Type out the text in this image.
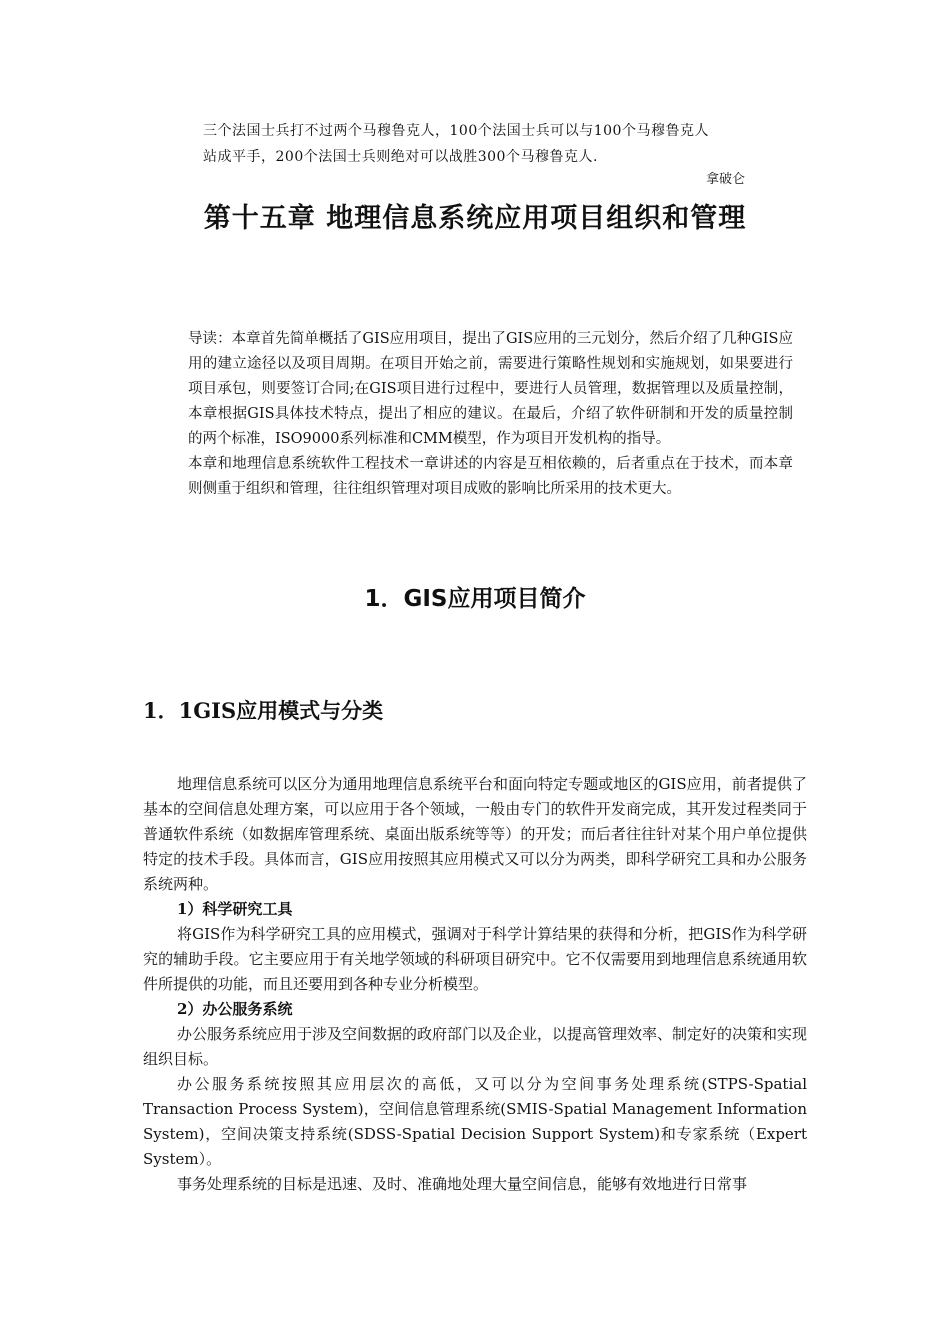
三个法国士兵打不过两个马穆鲁克人，100个法国士兵可以与100个马穆鲁克人
站成平手，200个法国士兵则绝对可以战胜300个马穆鲁克人.
拿破仑
第十五章 地理信息系统应用项目组织和管理

导读：本章首先简单概括了GIS应用项目，提出了GIS应用的三元划分，然后介绍了几种GIS应用的建立途径以及项目周期。在项目开始之前，需要进行策略性规划和实施规划，如果要进行项目承包，则要签订合同;在GIS项目进行过程中，要进行人员管理，数据管理以及质量控制，本章根据GIS具体技术特点，提出了相应的建议。在最后，介绍了软件研制和开发的质量控制的两个标准，ISO9000系列标准和CMM模型，作为项目开发机构的指导。

本章和地理信息系统软件工程技术一章讲述的内容是互相依赖的，后者重点在于技术，而本章则侧重于组织和管理，往往组织管理对项目成败的影响比所采用的技术更大。

1．GIS应用项目简介
1．1GIS应用模式与分类

地理信息系统可以区分为通用地理信息系统平台和面向特定专题或地区的GIS应用，前者提供了基本的空间信息处理方案，可以应用于各个领域，一般由专门的软件开发商完成，其开发过程类同于普通软件系统（如数据库管理系统、桌面出版系统等等）的开发；而后者往往针对某个用户单位提供特定的技术手段。具体而言，GIS应用按照其应用模式又可以分为两类，即科学研究工具和办公服务系统两种。

1）科学研究工具

将GIS作为科学研究工具的应用模式，强调对于科学计算结果的获得和分析，把GIS作为科学研究的辅助手段。它主要应用于有关地学领域的科研项目研究中。它不仅需要用到地理信息系统通用软件所提供的功能，而且还要用到各种专业分析模型。

2）办公服务系统

办公服务系统应用于涉及空间数据的政府部门以及企业，以提高管理效率、制定好的决策和实现组织目标。

办公服务系统按照其应用层次的高低，又可以分为空间事务处理系统(STPS-Spatial Transaction Process System)，空间信息管理系统(SMIS-Spatial Management Information System)，空间决策支持系统(SDSS-Spatial Decision Support System)和专家系统（Expert System）。

事务处理系统的目标是迅速、及时、准确地处理大量空间信息，能够有效地进行日常事
